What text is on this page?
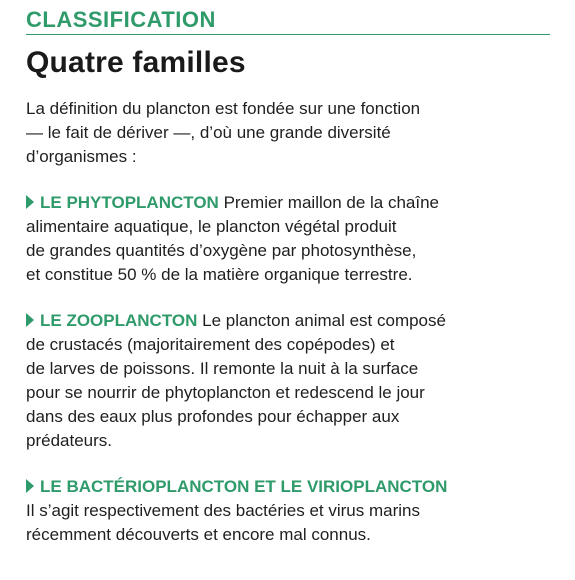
CLASSIFICATION
Quatre familles
La définition du plancton est fondée sur une fonction
— le fait de dériver —, d’où une grande diversité
d’organismes :
LE PHYTOPLANCTON Premier maillon de la chaîne
alimentaire aquatique, le plancton végétal produit
de grandes quantités d’oxygène par photosynthèse,
et constitue 50 % de la matière organique terrestre.
LE ZOOPLANCTON Le plancton animal est composé
de crustacés (majoritairement des copépodes) et
de larves de poissons. Il remonte la nuit à la surface
pour se nourrir de phytoplancton et redescend le jour
dans des eaux plus profondes pour échapper aux
prédateurs.
LE BACTÉRIOPLANCTON ET LE VIRIOPLANCTON
Il s’agit respectivement des bactéries et virus marins
récemment découverts et encore mal connus.
